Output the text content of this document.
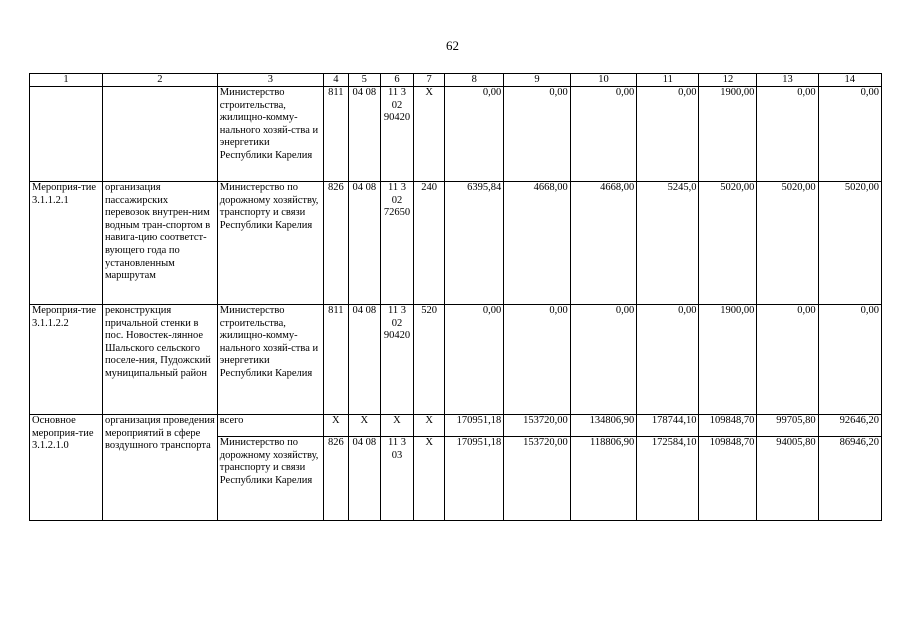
62
1	2	3	4	5	6	7	8	9	10	11	12	13	14
		Министерство строительства, жилищно-комму-нального хозяй-ства и энергетики Республики Карелия	811	04 08	11 3 02 90420	X	0,00	0,00	0,00	0,00	1900,00	0,00	0,00
Мероприя-тие 3.1.1.2.1	организация пассажирских перевозок внутрен-ним водным тран-спортом в навига-цию соответст-вующего года по установленным маршрутам	Министерство по дорожному хозяйству, транспорту и связи Республики Карелия	826	04 08	11 3 02 72650	240	6395,84	4668,00	4668,00	5245,0	5020,00	5020,00	5020,00
Мероприя-тие 3.1.1.2.2	реконструкция причальной стенки в пос. Новостек-лянное Шальского сельского поселе-ния, Пудожский муниципальный район	Министерство строительства, жилищно-комму-нального хозяй-ства и энергетики Республики Карелия	811	04 08	11 3 02 90420	520	0,00	0,00	0,00	0,00	1900,00	0,00	0,00
Основное мероприя-тие 3.1.2.1.0	организация проведения мероприятий в сфере воздушного транспорта	всего	X	X	X	X	170951,18	153720,00	134806,90	178744,10	109848,70	99705,80	92646,20
		Министерство по дорожному хозяйству, транспорту и связи Республики Карелия	826	04 08	11 3 03	X	170951,18	153720,00	118806,90	172584,10	109848,70	94005,80	86946,20
